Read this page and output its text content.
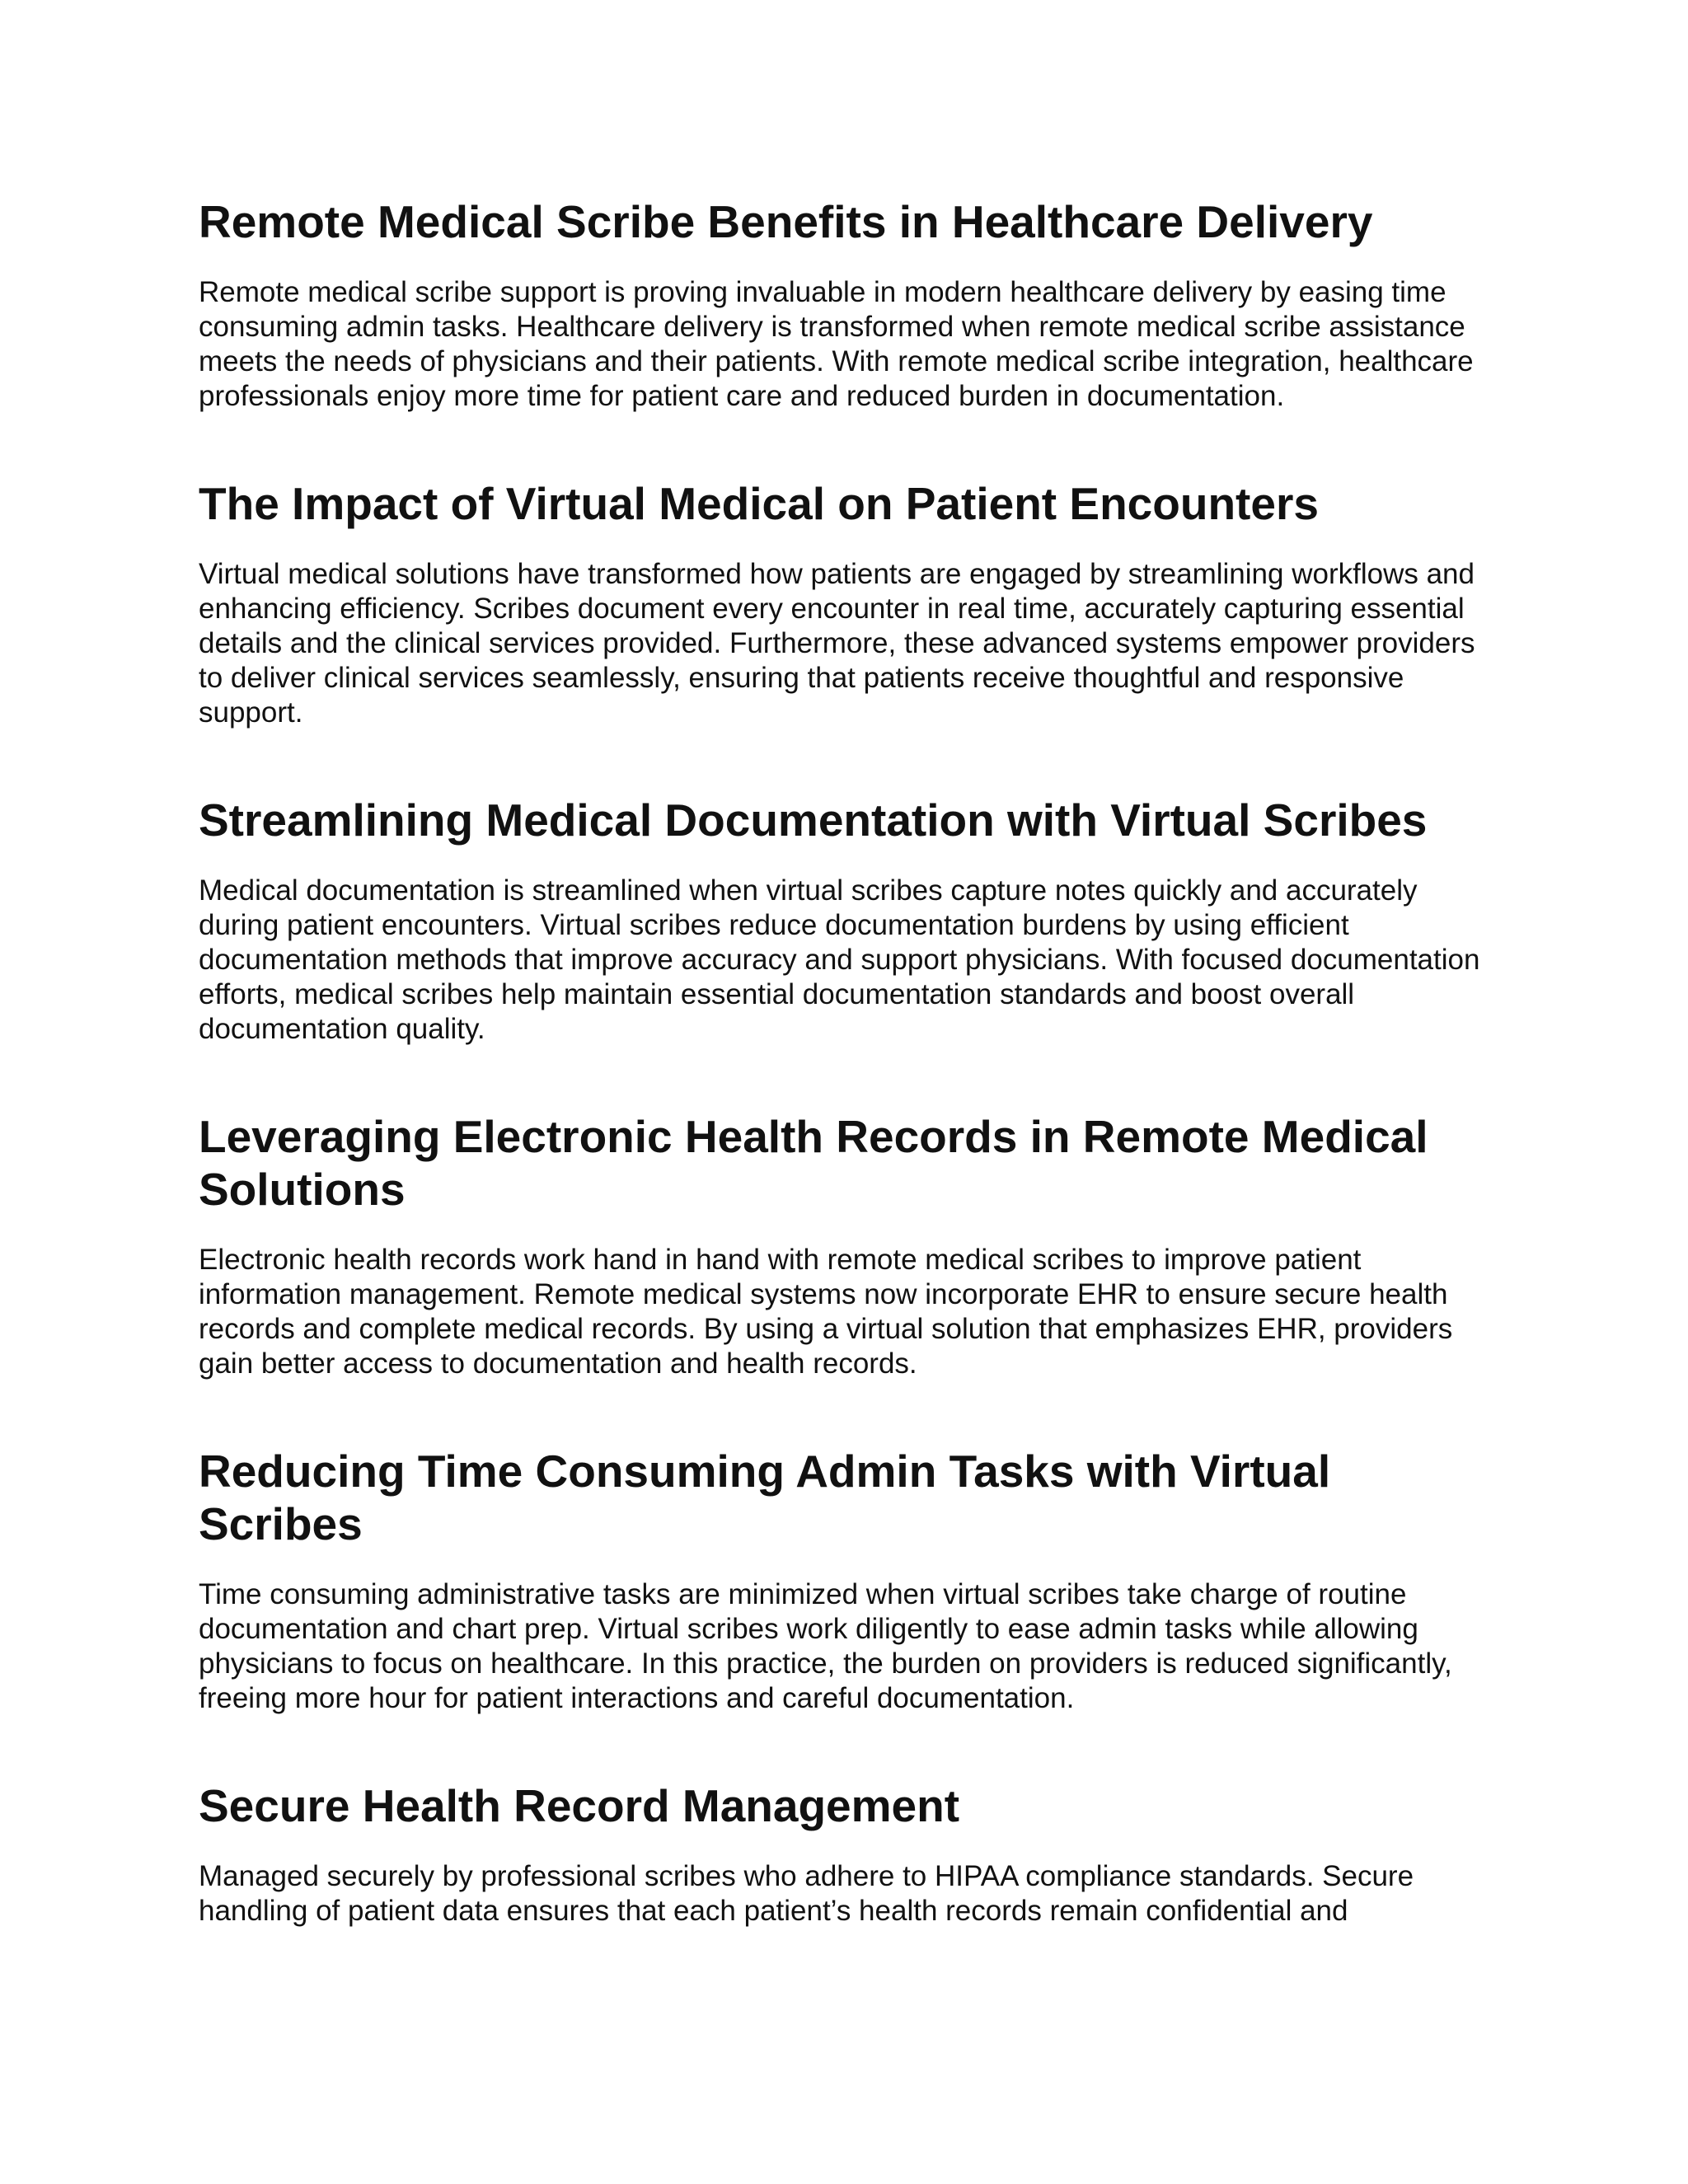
Remote Medical Scribe Benefits in Healthcare Delivery

Remote medical scribe support is proving invaluable in modern healthcare delivery by easing time consuming admin tasks. Healthcare delivery is transformed when remote medical scribe assistance meets the needs of physicians and their patients. With remote medical scribe integration, healthcare professionals enjoy more time for patient care and reduced burden in documentation.

The Impact of Virtual Medical on Patient Encounters

Virtual medical solutions have transformed how patients are engaged by streamlining workflows and enhancing efficiency. Scribes document every encounter in real time, accurately capturing essential details and the clinical services provided. Furthermore, these advanced systems empower providers to deliver clinical services seamlessly, ensuring that patients receive thoughtful and responsive support.

Streamlining Medical Documentation with Virtual Scribes

Medical documentation is streamlined when virtual scribes capture notes quickly and accurately during patient encounters. Virtual scribes reduce documentation burdens by using efficient documentation methods that improve accuracy and support physicians. With focused documentation efforts, medical scribes help maintain essential documentation standards and boost overall documentation quality.

Leveraging Electronic Health Records in Remote Medical Solutions

Electronic health records work hand in hand with remote medical scribes to improve patient information management. Remote medical systems now incorporate EHR to ensure secure health records and complete medical records. By using a virtual solution that emphasizes EHR, providers gain better access to documentation and health records.

Reducing Time Consuming Admin Tasks with Virtual Scribes

Time consuming administrative tasks are minimized when virtual scribes take charge of routine documentation and chart prep. Virtual scribes work diligently to ease admin tasks while allowing physicians to focus on healthcare. In this practice, the burden on providers is reduced significantly, freeing more hour for patient interactions and careful documentation.

Secure Health Record Management

Managed securely by professional scribes who adhere to HIPAA compliance standards. Secure handling of patient data ensures that each patient’s health records remain confidential and
